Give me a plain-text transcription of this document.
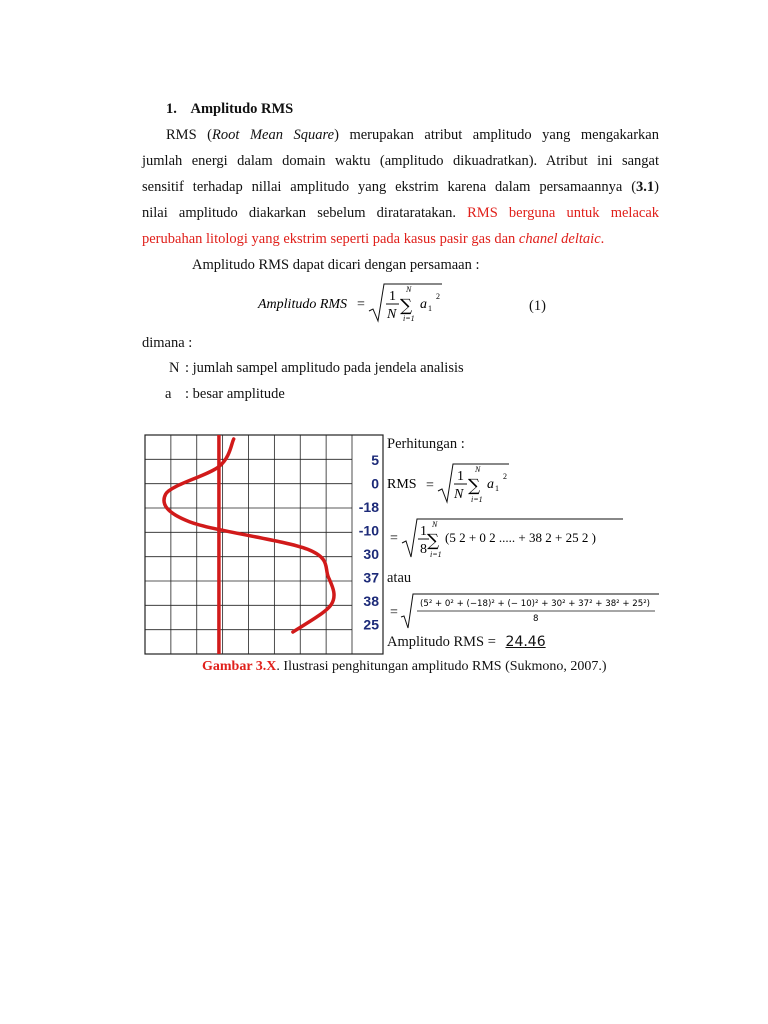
1. Amplitudo RMS
RMS (Root Mean Square) merupakan atribut amplitudo yang mengakarkan
jumlah energi dalam domain waktu (amplitudo dikuadratkan). Atribut ini sangat
sensitif terhadap nillai amplitudo yang ekstrim karena dalam persamaannya (3.1)
nilai amplitudo diakarkan sebelum dirataratakan. RMS berguna untuk melacak
perubahan litologi yang ekstrim seperti pada kasus pasir gas dan chanel deltaic.
Amplitudo RMS dapat dicari dengan persamaan :
Amplitudo RMS =
1
N
N
∑
i=1
a 1
2
(1)
dimana :
N : jumlah sampel amplitudo pada jendela analisis
a : besar amplitude
5
0
-18
-10
30
37
38
25
Perhitungan :
RMS =
1
N
N
∑
i=1
a 1
2
= 1
8
N
∑
i=1
(5 2 + 0 2 ..... + 38 2 + 25 2 )
atau
=
(5² + 0² + (−18)² + (− 10)² + 30² + 37² + 38² + 25²)
8
Amplitudo RMS = 24.46
Gambar 3.X. Ilustrasi penghitungan amplitudo RMS (Sukmono, 2007.)
